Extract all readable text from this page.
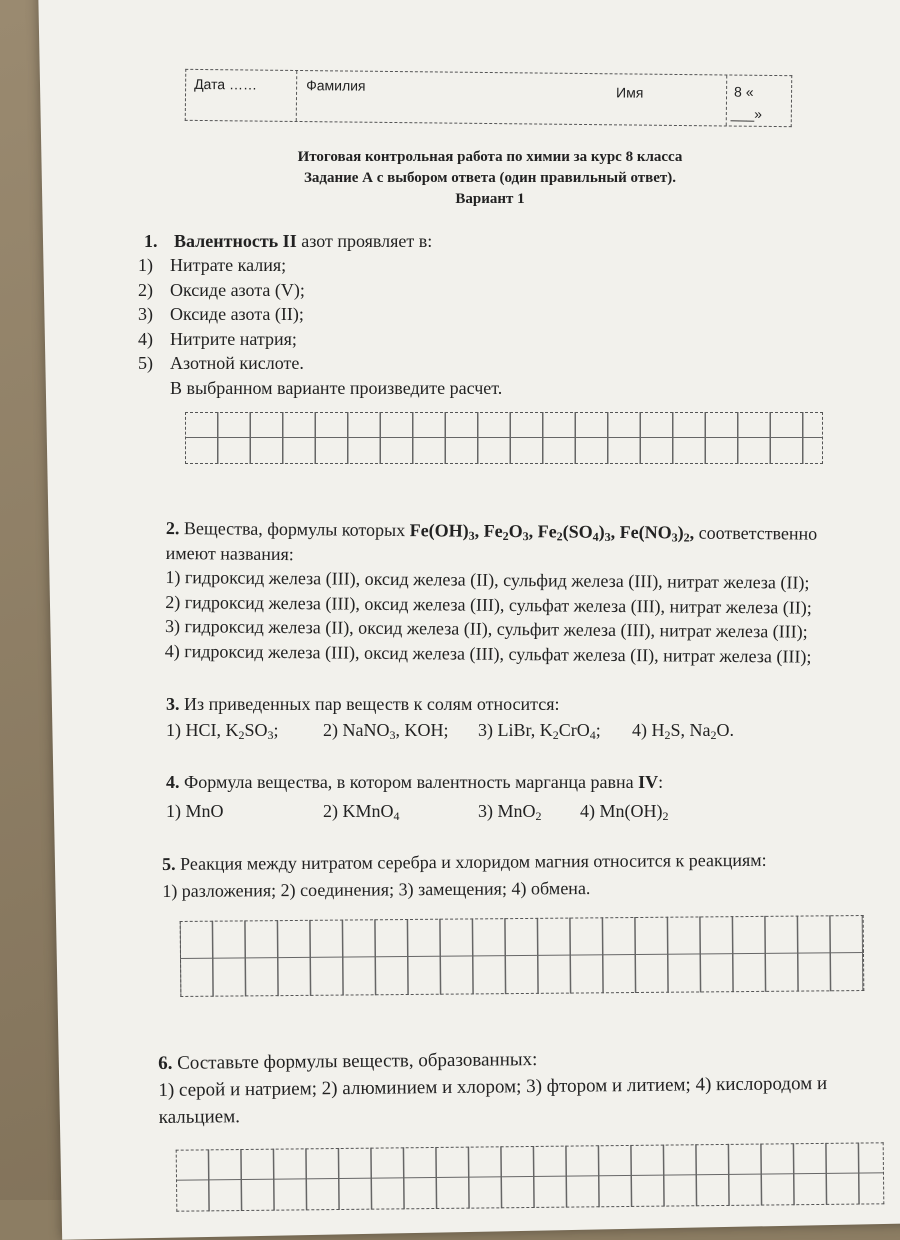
Дата ……	Фамилия	Имя	8 «
___»
Итоговая контрольная работа по химии за курс 8 класса
Задание А с выбором ответа (один правильный ответ).
Вариант 1
1. Валентность II азот проявляет в:
1) Нитрате калия;
2) Оксиде азота (V);
3) Оксиде азота (II);
4) Нитрите натрия;
5) Азотной кислоте.
В выбранном варианте произведите расчет.
2. Вещества, формулы которых $Fe(OH)_3$, $Fe_2O_3$, $Fe_2(SO_4)_3$, $Fe(NO_3)_2$, соответственно
имеют названия:
1) гидроксид железа (III), оксид железа (II), сульфид железа (III), нитрат железа (II);
2) гидроксид железа (III), оксид железа (III), сульфат железа (III), нитрат железа (II);
3) гидроксид железа (II), оксид железа (II), сульфит железа (III), нитрат железа (III);
4) гидроксид железа (III), оксид железа (III), сульфат железа (II), нитрат железа (III);
3. Из приведенных пар веществ к солям относится:
1) HCI, $K_2SO_3$; 2) NaNO$_3$, KOH; 3) LiBr, $K_2CrO_4$; 4) $H_2S$, $Na_2O$.
4. Формула вещества, в котором валентность марганца равна IV:
1) MnO	2) KMnO$_4$	3) MnO$_2$ 4) $Mn(OH)_2$
5. Реакция между нитратом серебра и хлоридом магния относится к реакциям:
1) разложения; 2) соединения; 3) замещения; 4) обмена.
6. Составьте формулы веществ, образованных:
1) серой и натрием; 2) алюминием и хлором; 3) фтором и литием; 4) кислородом и
кальцием.
